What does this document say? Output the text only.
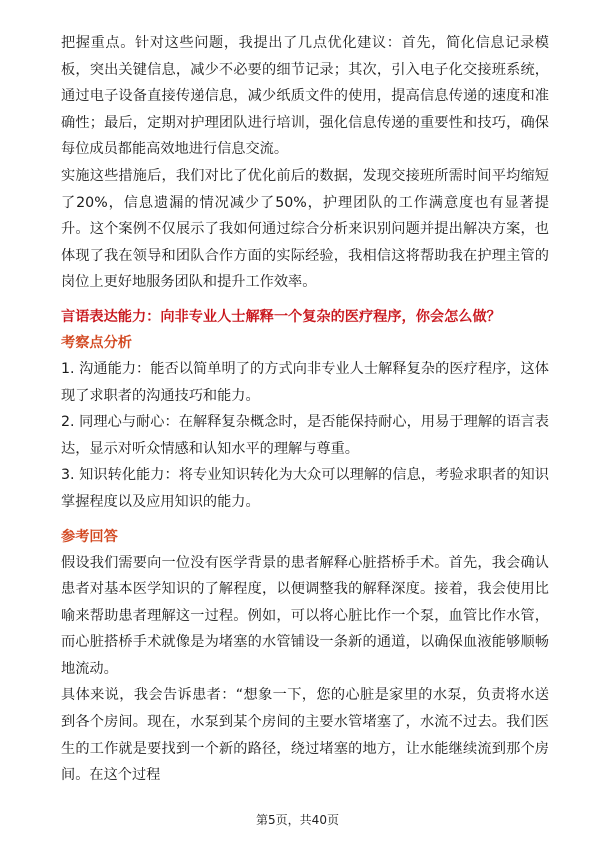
把握重点。针对这些问题，我提出了几点优化建议：首先，简化信息记录模板，突出关键信息，减少不必要的细节记录；其次，引入电子化交接班系统，通过电子设备直接传递信息，减少纸质文件的使用，提高信息传递的速度和准确性；最后，定期对护理团队进行培训，强化信息传递的重要性和技巧，确保每位成员都能高效地进行信息交流。

实施这些措施后，我们对比了优化前后的数据，发现交接班所需时间平均缩短了20%，信息遗漏的情况减少了50%，护理团队的工作满意度也有显著提升。这个案例不仅展示了我如何通过综合分析来识别问题并提出解决方案，也体现了我在领导和团队合作方面的实际经验，我相信这将帮助我在护理主管的岗位上更好地服务团队和提升工作效率。

言语表达能力：向非专业人士解释一个复杂的医疗程序，你会怎么做？

考察点分析

1. 沟通能力：能否以简单明了的方式向非专业人士解释复杂的医疗程序，这体现了求职者的沟通技巧和能力。

2. 同理心与耐心：在解释复杂概念时，是否能保持耐心，用易于理解的语言表达，显示对听众情感和认知水平的理解与尊重。

3. 知识转化能力：将专业知识转化为大众可以理解的信息，考验求职者的知识掌握程度以及应用知识的能力。

参考回答

假设我们需要向一位没有医学背景的患者解释心脏搭桥手术。首先，我会确认患者对基本医学知识的了解程度，以便调整我的解释深度。接着，我会使用比喻来帮助患者理解这一过程。例如，可以将心脏比作一个泵，血管比作水管，而心脏搭桥手术就像是为堵塞的水管铺设一条新的通道，以确保血液能够顺畅地流动。

具体来说，我会告诉患者：“想象一下，您的心脏是家里的水泵，负责将水送到各个房间。现在，水泵到某个房间的主要水管堵塞了，水流不过去。我们医生的工作就是要找到一个新的路径，绕过堵塞的地方，让水能继续流到那个房间。在这个过程

第5页，共40页
